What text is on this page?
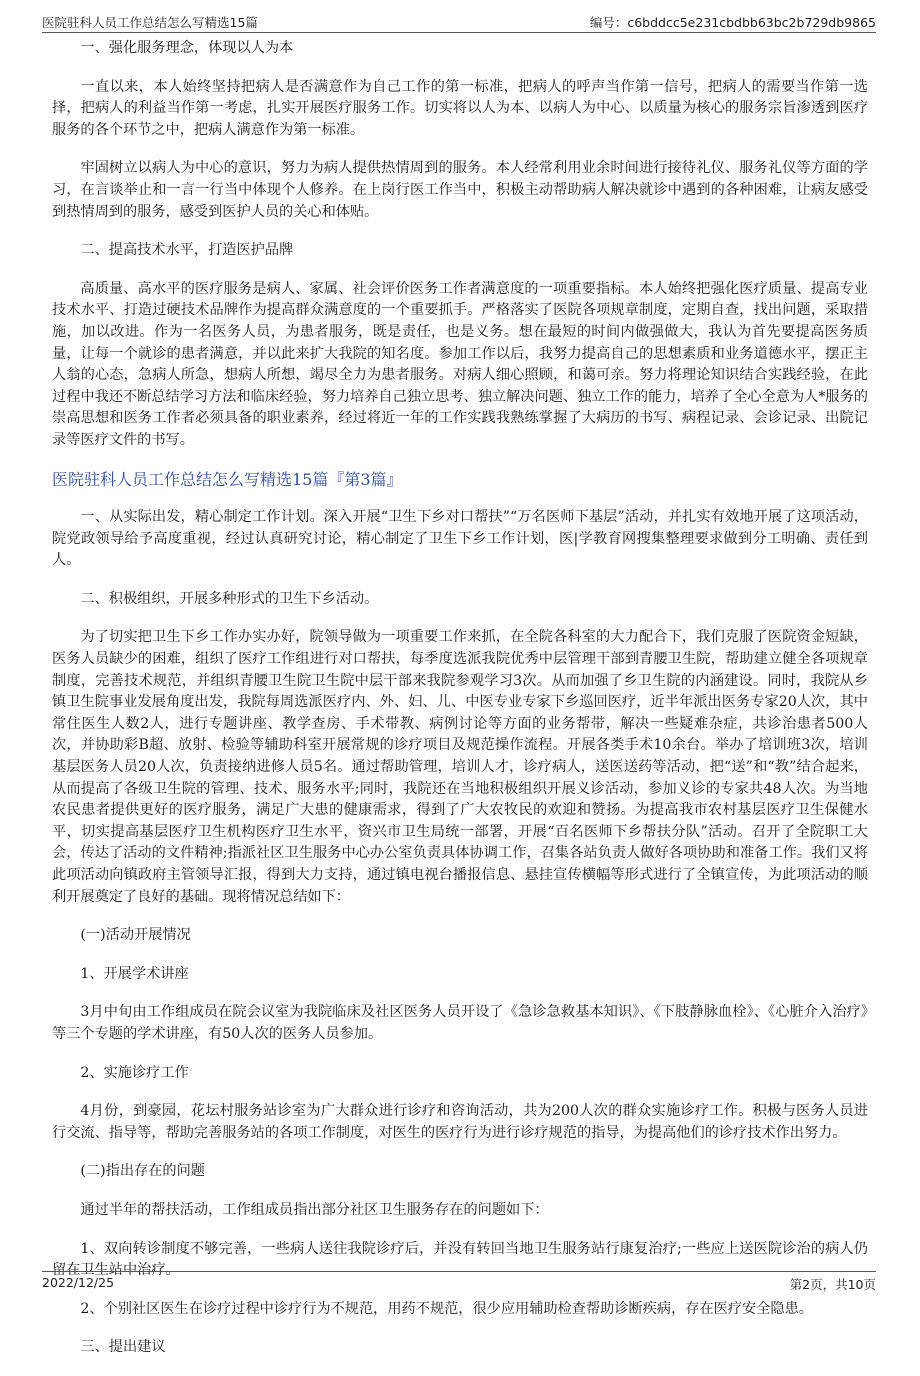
医院驻科人员工作总结怎么写精选15篇	编号：c6bddcc5e231cbdbb63bc2b729db9865

一、强化服务理念，体现以人为本

一直以来，本人始终坚持把病人是否满意作为自己工作的第一标准，把病人的呼声当作第一信号，把病人的需要当作第一选择，把病人的利益当作第一考虑，扎实开展医疗服务工作。切实将以人为本、以病人为中心、以质量为核心的服务宗旨渗透到医疗服务的各个环节之中，把病人满意作为第一标准。

牢固树立以病人为中心的意识，努力为病人提供热情周到的服务。本人经常利用业余时间进行接待礼仪、服务礼仪等方面的学习，在言谈举止和一言一行当中体现个人修养。在上岗行医工作当中，积极主动帮助病人解决就诊中遇到的各种困难，让病友感受到热情周到的服务，感受到医护人员的关心和体贴。

二、提高技术水平，打造医护品牌

高质量、高水平的医疗服务是病人、家属、社会评价医务工作者满意度的一项重要指标。本人始终把强化医疗质量、提高专业技术水平、打造过硬技术品牌作为提高群众满意度的一个重要抓手。严格落实了医院各项规章制度，定期自查，找出问题，采取措施，加以改进。作为一名医务人员，为患者服务，既是责任，也是义务。想在最短的时间内做强做大，我认为首先要提高医务质量，让每一个就诊的患者满意，并以此来扩大我院的知名度。参加工作以后，我努力提高自己的思想素质和业务道德水平，摆正主人翁的心态，急病人所急，想病人所想，竭尽全力为患者服务。对病人细心照顾，和蔼可亲。努力将理论知识结合实践经验，在此过程中我还不断总结学习方法和临床经验，努力培养自己独立思考、独立解决问题、独立工作的能力，培养了全心全意为人*服务的崇高思想和医务工作者必须具备的职业素养，经过将近一年的工作实践我熟练掌握了大病历的书写、病程记录、会诊记录、出院记录等医疗文件的书写。

医院驻科人员工作总结怎么写精选15篇『第3篇』

一、从实际出发，精心制定工作计划。深入开展“卫生下乡对口帮扶”“万名医师下基层”活动，并扎实有效地开展了这项活动，院党政领导给予高度重视，经过认真研究讨论，精心制定了卫生下乡工作计划，医|学教育网搜集整理要求做到分工明确、责任到人。

二、积极组织，开展多种形式的卫生下乡活动。

为了切实把卫生下乡工作办实办好，院领导做为一项重要工作来抓，在全院各科室的大力配合下，我们克服了医院资金短缺，医务人员缺少的困难，组织了医疗工作组进行对口帮扶，每季度选派我院优秀中层管理干部到青腰卫生院，帮助建立健全各项规章制度，完善技术规范，并组织青腰卫生院卫生院中层干部来我院参观学习3次。从而加强了乡卫生院的内涵建设。同时，我院从乡镇卫生院事业发展角度出发，我院每周选派医疗内、外、妇、儿、中医专业专家下乡巡回医疗，近半年派出医务专家20人次，其中常住医生人数2人，进行专题讲座、教学查房、手术带教、病例讨论等方面的业务帮带，解决一些疑难杂症，共诊治患者500人次，并协助彩B超、放射、检验等辅助科室开展常规的诊疗项目及规范操作流程。开展各类手术10余台。举办了培训班3次，培训基层医务人员20人次，负责接纳进修人员5名。通过帮助管理，培训人才，诊疗病人，送医送药等活动，把“送”和“教”结合起来，从而提高了各级卫生院的管理、技术、服务水平;同时，我院还在当地积极组织开展义诊活动，参加义诊的专家共48人次。为当地农民患者提供更好的医疗服务，满足广大患的健康需求，得到了广大农牧民的欢迎和赞扬。为提高我市农村基层医疗卫生保健水平，切实提高基层医疗卫生机构医疗卫生水平，资兴市卫生局统一部署，开展“百名医师下乡帮扶分队”活动。召开了全院职工大会，传达了活动的文件精神;指派社区卫生服务中心办公室负责具体协调工作，召集各站负责人做好各项协助和准备工作。我们又将此项活动向镇政府主管领导汇报，得到大力支持，通过镇电视台播报信息、悬挂宣传横幅等形式进行了全镇宣传，为此项活动的顺利开展奠定了良好的基础。现将情况总结如下：

(一)活动开展情况

1、开展学术讲座

3月中旬由工作组成员在院会议室为我院临床及社区医务人员开设了《急诊急救基本知识》、《下肢静脉血栓》、《心脏介入治疗》等三个专题的学术讲座，有50人次的医务人员参加。

2、实施诊疗工作

4月份，到豪园，花坛村服务站诊室为广大群众进行诊疗和咨询活动，共为200人次的群众实施诊疗工作。积极与医务人员进行交流、指导等，帮助完善服务站的各项工作制度，对医生的医疗行为进行诊疗规范的指导，为提高他们的诊疗技术作出努力。

(二)指出存在的问题

通过半年的帮扶活动，工作组成员指出部分社区卫生服务存在的问题如下：

1、双向转诊制度不够完善，一些病人送往我院诊疗后，并没有转回当地卫生服务站行康复治疗;一些应上送医院诊治的病人仍留在卫生站中治疗。

2、个别社区医生在诊疗过程中诊疗行为不规范，用药不规范，很少应用辅助检查帮助诊断疾病，存在医疗安全隐患。

三、提出建议

2022/12/25	第2页，共10页
